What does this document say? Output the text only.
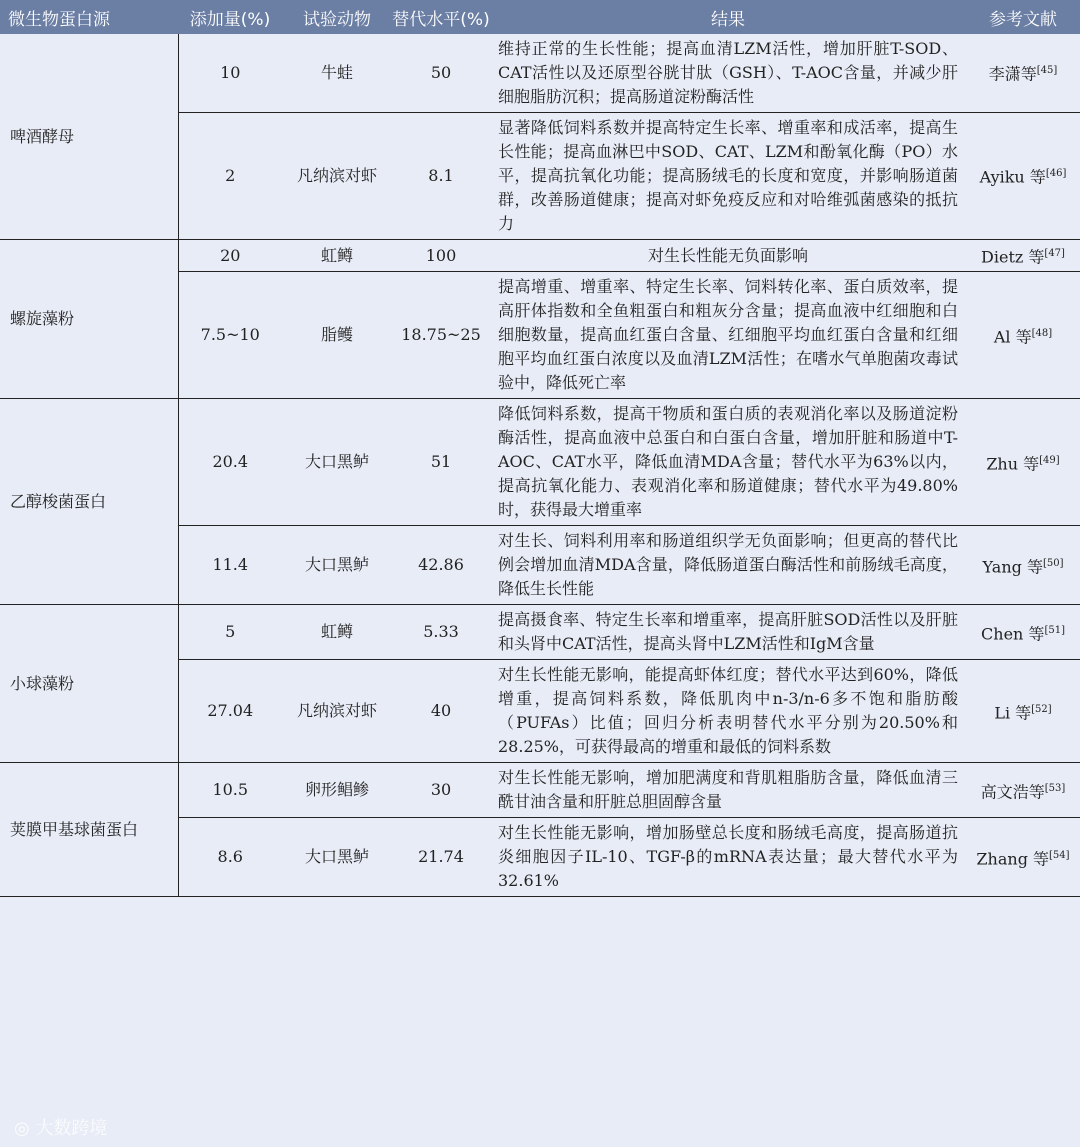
微生物蛋白源	添加量(%)	试验动物	替代水平(%)	结果	参考文献
啤酒酵母	10	牛蛙	50	维持正常的生长性能；提高血清LZM活性，增加肝脏T-SOD、CAT活性以及还原型谷胱甘肽（GSH）、T-AOC含量，并减少肝细胞脂肪沉积；提高肠道淀粉酶活性	李潇等[45]
	2	凡纳滨对虾	8.1	显著降低饲料系数并提高特定生长率、增重率和成活率，提高生长性能；提高血淋巴中SOD、CAT、LZM和酚氧化酶（PO）水平，提高抗氧化功能；提高肠绒毛的长度和宽度，并影响肠道菌群，改善肠道健康；提高对虾免疫反应和对哈维弧菌感染的抵抗力	Ayiku 等[46]
螺旋藻粉	20	虹鳟	100	对生长性能无负面影响	Dietz 等[47]
	7.5~10	脂鳠	18.75~25	提高增重、增重率、特定生长率、饲料转化率、蛋白质效率，提高肝体指数和全鱼粗蛋白和粗灰分含量；提高血液中红细胞和白细胞数量，提高血红蛋白含量、红细胞平均血红蛋白含量和红细胞平均血红蛋白浓度以及血清LZM活性；在嗜水气单胞菌攻毒试验中，降低死亡率	Al 等[48]
乙醇梭菌蛋白	20.4	大口黑鲈	51	降低饲料系数，提高干物质和蛋白质的表观消化率以及肠道淀粉酶活性，提高血液中总蛋白和白蛋白含量，增加肝脏和肠道中T-AOC、CAT水平，降低血清MDA含量；替代水平为63%以内，提高抗氧化能力、表观消化率和肠道健康；替代水平为49.80%时，获得最大增重率	Zhu 等[49]
	11.4	大口黑鲈	42.86	对生长、饲料利用率和肠道组织学无负面影响；但更高的替代比例会增加血清MDA含量，降低肠道蛋白酶活性和前肠绒毛高度，降低生长性能	Yang 等[50]
小球藻粉	5	虹鳟	5.33	提高摄食率、特定生长率和增重率，提高肝脏SOD活性以及肝脏和头肾中CAT活性，提高头肾中LZM活性和IgM含量	Chen 等[51]
	27.04	凡纳滨对虾	40	对生长性能无影响，能提高虾体红度；替代水平达到60%，降低增重，提高饲料系数，降低肌肉中n-3/n-6多不饱和脂肪酸（PUFAs）比值；回归分析表明替代水平分别为20.50%和28.25%，可获得最高的增重和最低的饲料系数	Li 等[52]
荚膜甲基球菌蛋白	10.5	卵形鲳鲹	30	对生长性能无影响，增加肥满度和背肌粗脂肪含量，降低血清三酰甘油含量和肝脏总胆固醇含量	高文浩等[53]
	8.6	大口黑鲈	21.74	对生长性能无影响，增加肠壁总长度和肠绒毛高度，提高肠道抗炎细胞因子IL-10、TGF-β的mRNA表达量；最大替代水平为32.61%	Zhang 等[54]
◎ 大数跨境
